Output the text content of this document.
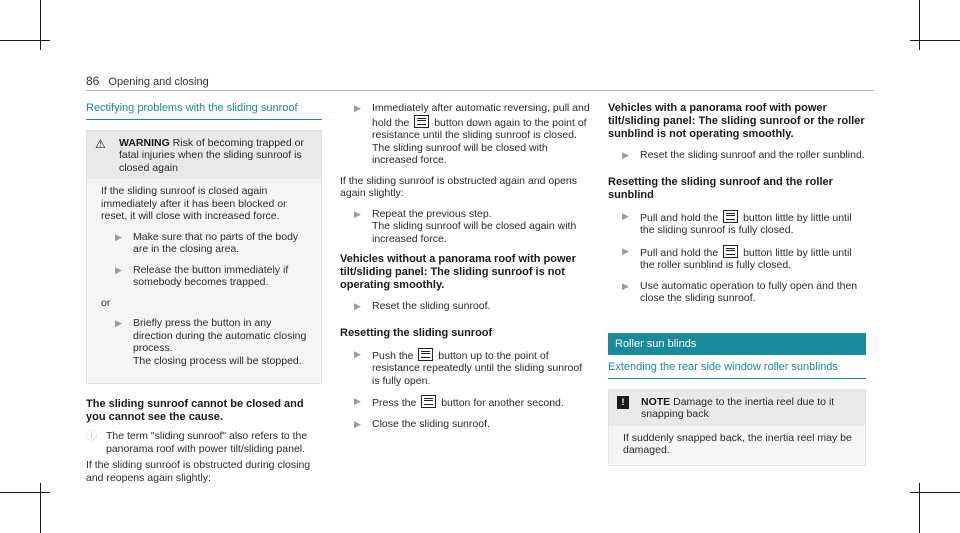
86 Opening and closing
Rectifying problems with the sliding sunroof
⚠	WARNING Risk of becoming trapped or fatal injuries when the sliding sunroof is closed again
If the sliding sunroof is closed again immediately after it has been blocked or reset, it will close with increased force.
▶	Make sure that no parts of the body are in the closing area.
▶	Release the button immediately if somebody becomes trapped.
or
▶	Briefly press the button in any direction during the automatic closing process.
The closing process will be stopped.
The sliding sunroof cannot be closed and you cannot see the cause.
ⓘ The term "sliding sunroof" also refers to the panorama roof with power tilt/sliding panel.

If the sliding sunroof is obstructed during closing and reopens again slightly:

▶	Immediately after automatic reversing, pull and hold the button down again to the point of resistance until the sliding sunroof is closed.
The sliding sunroof will be closed with increased force.

If the sliding sunroof is obstructed again and opens again slightly:

▶	Repeat the previous step.
The sliding sunroof will be closed again with increased force.
Vehicles without a panorama roof with power tilt/sliding panel: The sliding sunroof is not operating smoothly.
▶	Reset the sliding sunroof.
Resetting the sliding sunroof
▶	Push the button up to the point of resistance repeatedly until the sliding sunroof is fully open.
▶	Press the button for another second.
▶	Close the sliding sunroof.
Vehicles with a panorama roof with power tilt/sliding panel: The sliding sunroof or the roller sunblind is not operating smoothly.
▶	Reset the sliding sunroof and the roller sunblind.
Resetting the sliding sunroof and the roller sunblind
▶	Pull and hold the button little by little until the sliding sunroof is fully closed.
▶	Pull and hold the button little by little until the roller sunblind is fully closed.
▶	Use automatic operation to fully open and then close the sliding sunroof.
Roller sun blinds
Extending the rear side window roller sunblinds
!	NOTE Damage to the inertia reel due to it snapping back
If suddenly snapped back, the inertia reel may be damaged.
